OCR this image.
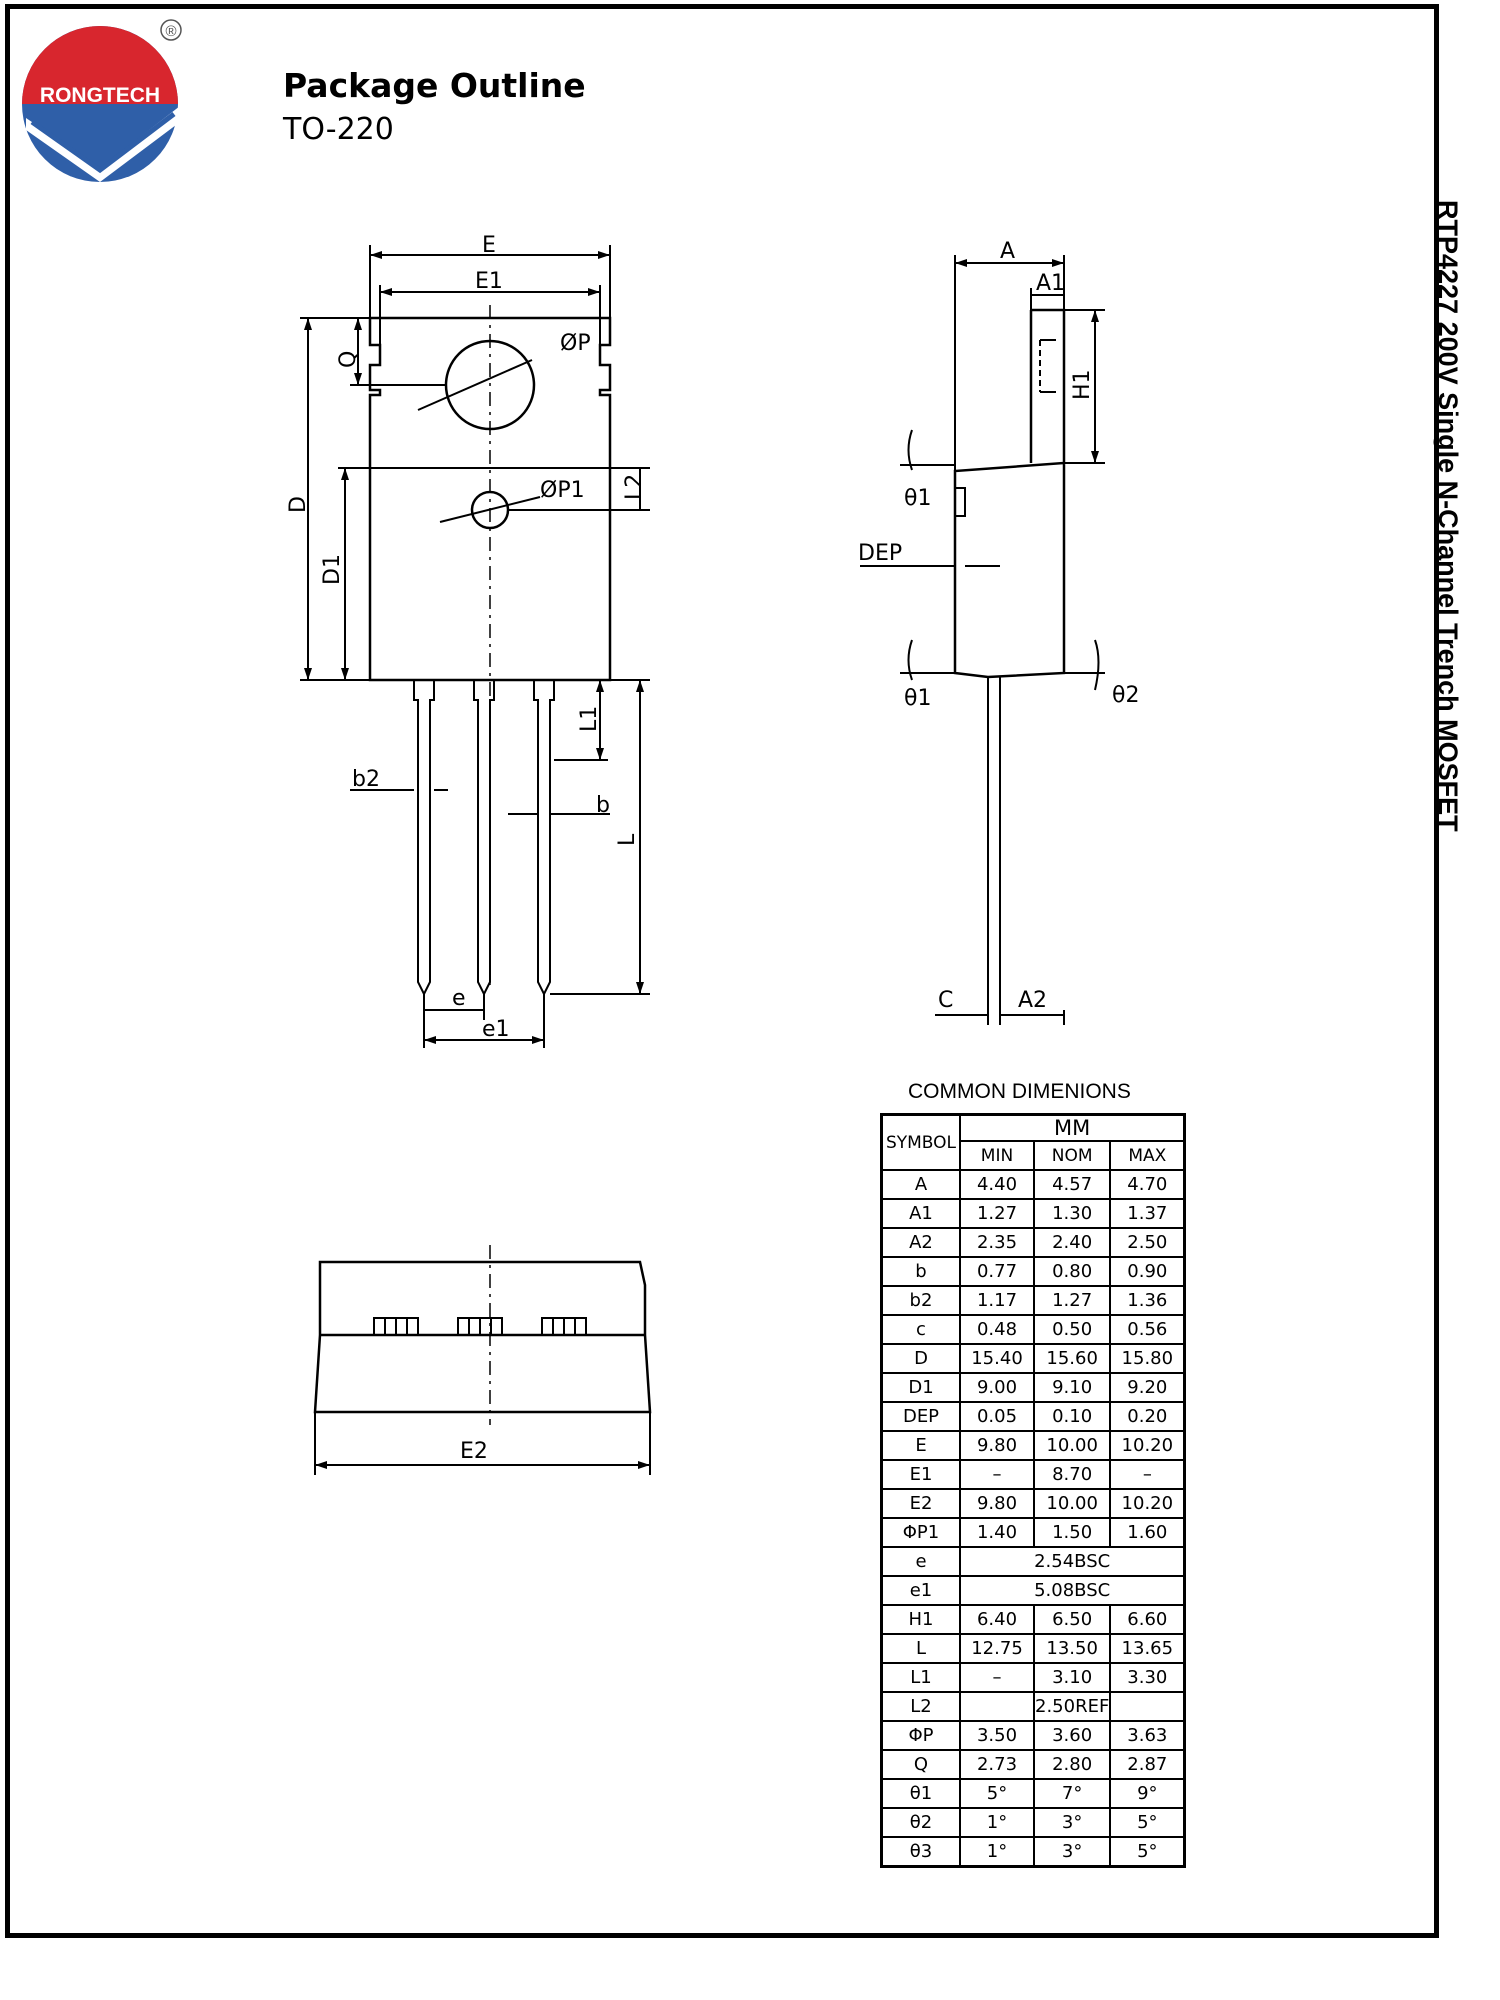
RONGTECH
®
Package Outline
TO-220
RTP4227 200V Single N-Channel Trench MOSFET
E
E1
ØP
ØP1
Q
D
D1
L2
L1
b2
b
L
e
e1
A
A1
H1
θ1
DEP
θ1	θ2
C	A2
E2
COMMON DIMENIONS
SYMBOL	MM		
	MIN	NOM	MAX
A	4.40	4.57	4.70
A1	1.27	1.30	1.37
A2	2.35	2.40	2.50
b	0.77	0.80	0.90
b2	1.17	1.27	1.36
c	0.48	0.50	0.56
D	15.40	15.60	15.80
D1	9.00	9.10	9.20
DEP	0.05	0.10	0.20
E	9.80	10.00	10.20
E1	–	8.70	–
E2	9.80	10.00	10.20
ΦP1	1.40	1.50	1.60
e	2.54BSC		
e1	5.08BSC		
H1	6.40	6.50	6.60
L	12.75	13.50	13.65
L1	–	3.10	3.30
L2		2.50REF	
ΦP	3.50	3.60	3.63
Q	2.73	2.80	2.87
θ1	5°	7°	9°
θ2	1°	3°	5°
θ3	1°	3°	5°
